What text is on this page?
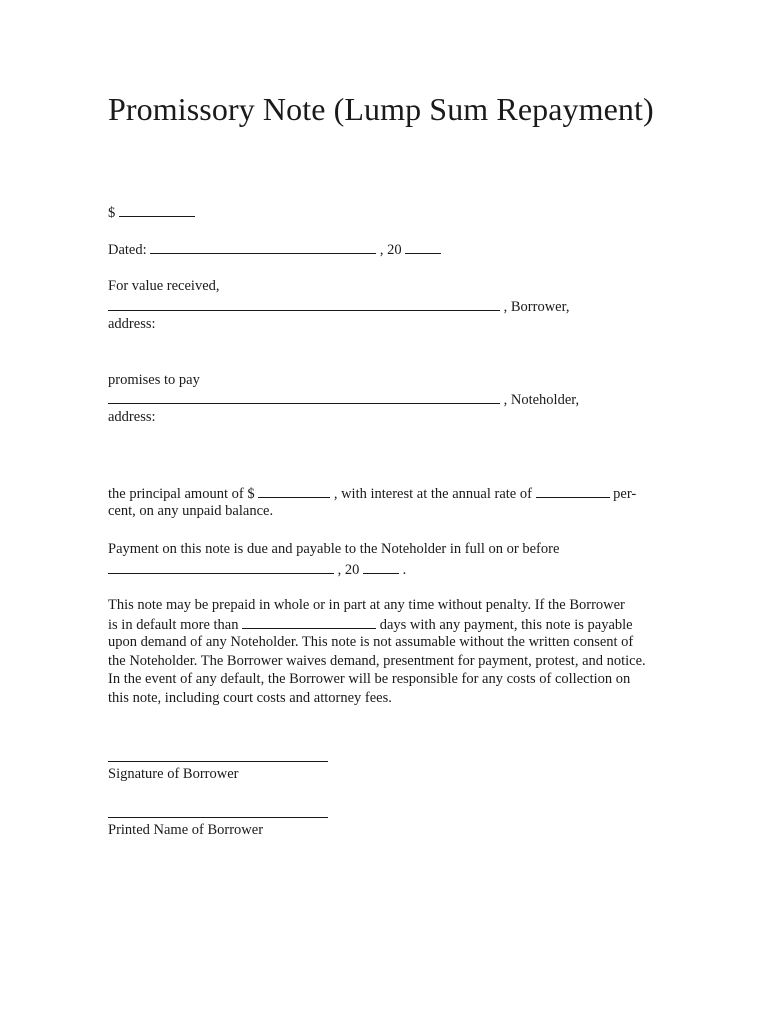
Promissory Note (Lump Sum Repayment)
$
Dated:	, 20
For value received,
, Borrower,
address:
promises to pay
, Noteholder,
address:
the principal amount of $	, with interest at the annual rate of	per-
cent, on any unpaid balance.
Payment on this note is due and payable to the Noteholder in full on or before
, 20	.
This note may be prepaid in whole or in part at any time without penalty. If the Borrower
is in default more than	days with any payment, this note is payable
upon demand of any Noteholder. This note is not assumable without the written consent of
the Noteholder. The Borrower waives demand, presentment for payment, protest, and notice.
In the event of any default, the Borrower will be responsible for any costs of collection on
this note, including court costs and attorney fees.
Signature of Borrower
Printed Name of Borrower
